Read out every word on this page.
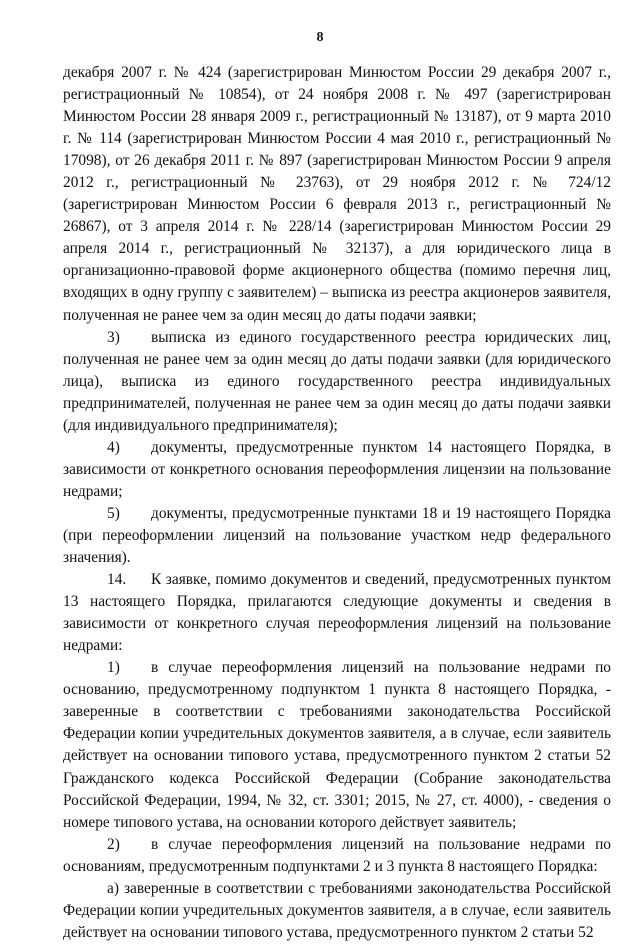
8

декабря 2007 г. № 424 (зарегистрирован Минюстом России 29 декабря 2007 г., регистрационный № 10854), от 24 ноября 2008 г. № 497 (зарегистрирован Минюстом России 28 января 2009 г., регистрационный № 13187), от 9 марта 2010 г. № 114 (зарегистрирован Минюстом России 4 мая 2010 г., регистрационный № 17098), от 26 декабря 2011 г. № 897 (зарегистрирован Минюстом России 9 апреля 2012 г., регистрационный № 23763), от 29 ноября 2012 г. № 724/12 (зарегистрирован Минюстом России 6 февраля 2013 г., регистрационный № 26867), от 3 апреля 2014 г. № 228/14 (зарегистрирован Минюстом России 29 апреля 2014 г., регистрационный № 32137), а для юридического лица в организационно-правовой форме акционерного общества (помимо перечня лиц, входящих в одну группу с заявителем) – выписка из реестра акционеров заявителя, полученная не ранее чем за один месяц до даты подачи заявки;

3) выписка из единого государственного реестра юридических лиц, полученная не ранее чем за один месяц до даты подачи заявки (для юридического лица), выписка из единого государственного реестра индивидуальных предпринимателей, полученная не ранее чем за один месяц до даты подачи заявки (для индивидуального предпринимателя);

4) документы, предусмотренные пунктом 14 настоящего Порядка, в зависимости от конкретного основания переоформления лицензии на пользование недрами;

5) документы, предусмотренные пунктами 18 и 19 настоящего Порядка (при переоформлении лицензий на пользование участком недр федерального значения).

14. К заявке, помимо документов и сведений, предусмотренных пунктом 13 настоящего Порядка, прилагаются следующие документы и сведения в зависимости от конкретного случая переоформления лицензий на пользование недрами:

1) в случае переоформления лицензий на пользование недрами по основанию, предусмотренному подпунктом 1 пункта 8 настоящего Порядка, - заверенные в соответствии с требованиями законодательства Российской Федерации копии учредительных документов заявителя, а в случае, если заявитель действует на основании типового устава, предусмотренного пунктом 2 статьи 52 Гражданского кодекса Российской Федерации (Собрание законодательства Российской Федерации, 1994, № 32, ст. 3301; 2015, № 27, ст. 4000), - сведения о номере типового устава, на основании которого действует заявитель;

2) в случае переоформления лицензий на пользование недрами по основаниям, предусмотренным подпунктами 2 и 3 пункта 8 настоящего Порядка:

а) заверенные в соответствии с требованиями законодательства Российской Федерации копии учредительных документов заявителя, а в случае, если заявитель действует на основании типового устава, предусмотренного пунктом 2 статьи 52
